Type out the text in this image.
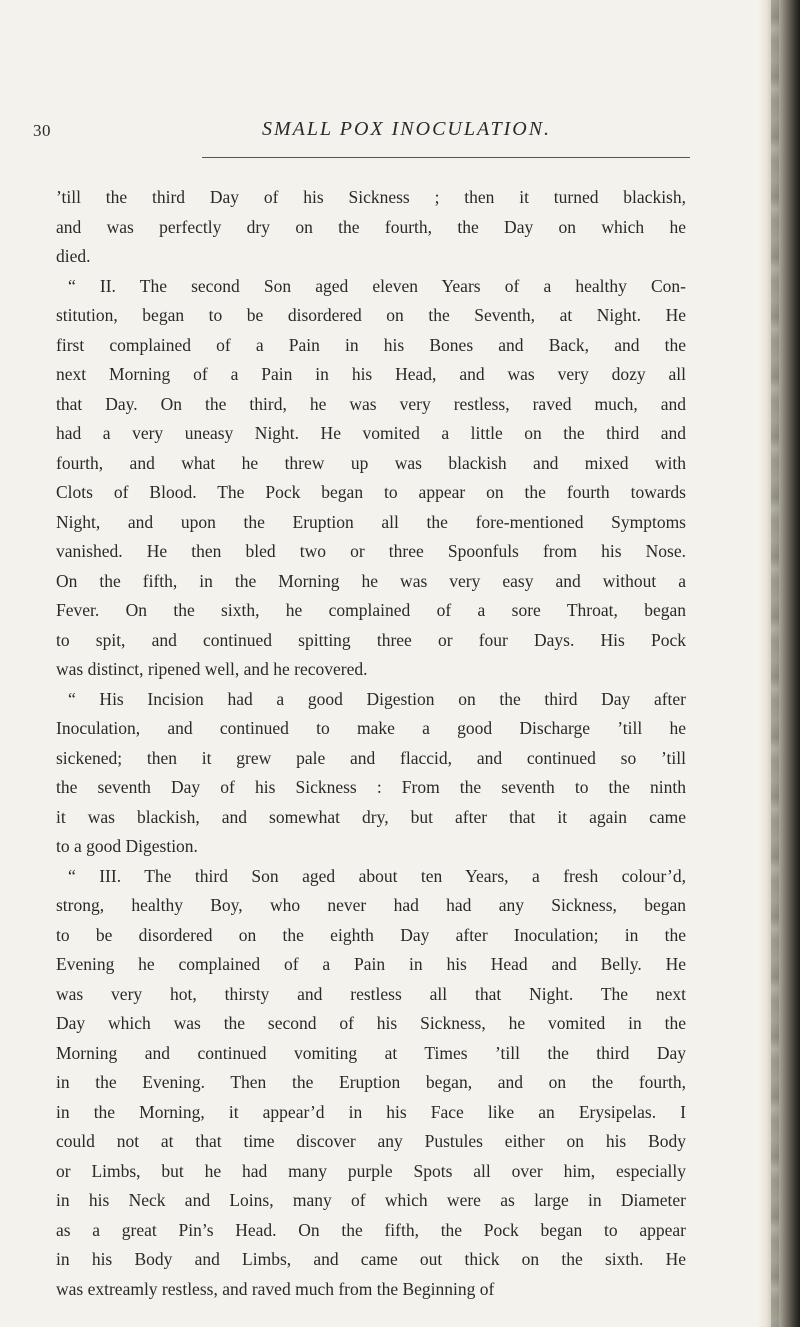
30	SMALL POX INOCULATION.
’till the third Day of his Sickness ; then it turned blackish,
and was perfectly dry on the fourth, the Day on which he
died.
“ II. The second Son aged eleven Years of a healthy Con-
stitution, began to be disordered on the Seventh, at Night. He
first complained of a Pain in his Bones and Back, and the
next Morning of a Pain in his Head, and was very dozy all
that Day. On the third, he was very restless, raved much, and
had a very uneasy Night. He vomited a little on the third and
fourth, and what he threw up was blackish and mixed with
Clots of Blood. The Pock began to appear on the fourth towards
Night, and upon the Eruption all the fore-mentioned Symptoms
vanished. He then bled two or three Spoonfuls from his Nose.
On the fifth, in the Morning he was very easy and without a
Fever. On the sixth, he complained of a sore Throat, began
to spit, and continued spitting three or four Days. His Pock
was distinct, ripened well, and he recovered.
“ His Incision had a good Digestion on the third Day after
Inoculation, and continued to make a good Discharge ’till he
sickened; then it grew pale and flaccid, and continued so ’till
the seventh Day of his Sickness : From the seventh to the ninth
it was blackish, and somewhat dry, but after that it again came
to a good Digestion.
“ III. The third Son aged about ten Years, a fresh colour’d,
strong, healthy Boy, who never had had any Sickness, began
to be disordered on the eighth Day after Inoculation; in the
Evening he complained of a Pain in his Head and Belly. He
was very hot, thirsty and restless all that Night. The next
Day which was the second of his Sickness, he vomited in the
Morning and continued vomiting at Times ’till the third Day
in the Evening. Then the Eruption began, and on the fourth,
in the Morning, it appear’d in his Face like an Erysipelas. I
could not at that time discover any Pustules either on his Body
or Limbs, but he had many purple Spots all over him, especially
in his Neck and Loins, many of which were as large in Diameter
as a great Pin’s Head. On the fifth, the Pock began to appear
in his Body and Limbs, and came out thick on the sixth. He
was extreamly restless, and raved much from the Beginning of
